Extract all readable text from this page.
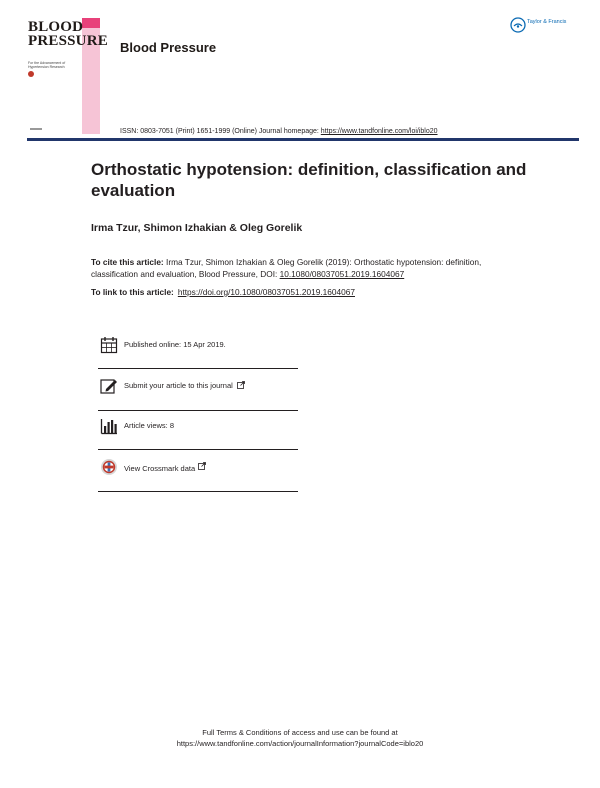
BLOOD
PRESSURE
For the Advancement of Hypertension Research
Blood Pressure
Taylor & Francis
ISSN: 0803-7051 (Print) 1651-1999 (Online) Journal homepage: https://www.tandfonline.com/loi/iblo20
Orthostatic hypotension: definition, classification and evaluation
Irma Tzur, Shimon Izhakian & Oleg Gorelik
To cite this article: Irma Tzur, Shimon Izhakian & Oleg Gorelik (2019): Orthostatic hypotension: definition, classification and evaluation, Blood Pressure, DOI: 10.1080/08037051.2019.1604067
To link to this article: https://doi.org/10.1080/08037051.2019.1604067
Published online: 15 Apr 2019.
Submit your article to this journal
Article views: 8
View Crossmark data
Full Terms & Conditions of access and use can be found at
https://www.tandfonline.com/action/journalInformation?journalCode=iblo20
